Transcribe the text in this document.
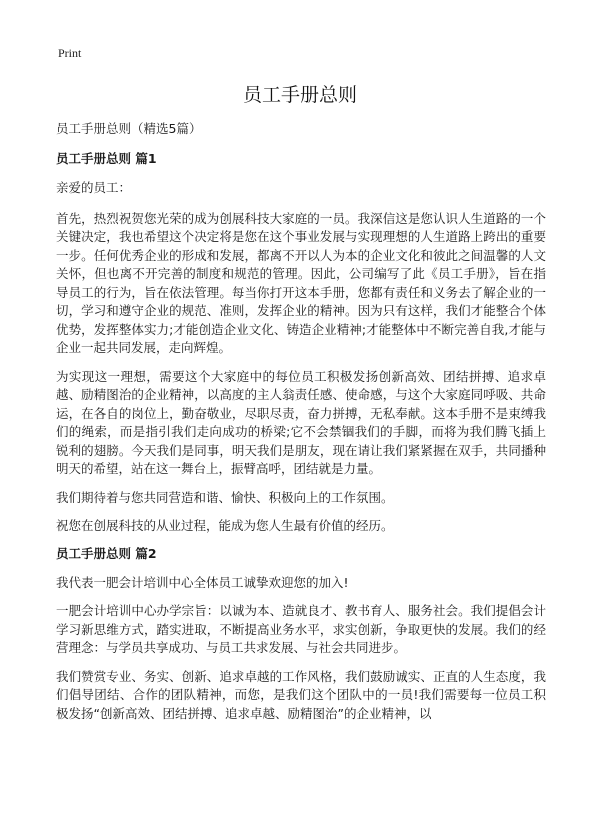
Print
员工手册总则

员工手册总则（精选5篇）

员工手册总则 篇1

亲爱的员工：

首先，热烈祝贺您光荣的成为创展科技大家庭的一员。我深信这是您认识人生道路的一个关键决定，我也希望这个决定将是您在这个事业发展与实现理想的人生道路上跨出的重要一步。任何优秀企业的形成和发展，都离不开以人为本的企业文化和彼此之间温馨的人文关怀，但也离不开完善的制度和规范的管理。因此，公司编写了此《员工手册》，旨在指导员工的行为，旨在依法管理。每当你打开这本手册，您都有责任和义务去了解企业的一切，学习和遵守企业的规范、准则，发挥企业的精神。因为只有这样，我们才能整合个体优势，发挥整体实力;才能创造企业文化、铸造企业精神;才能整体中不断完善自我,才能与企业一起共同发展，走向辉煌。

为实现这一理想，需要这个大家庭中的每位员工积极发扬创新高效、团结拼搏、追求卓越、励精图治的企业精神，以高度的主人翁责任感、使命感，与这个大家庭同呼吸、共命运，在各自的岗位上，勤奋敬业，尽职尽责，奋力拼搏，无私奉献。这本手册不是束缚我们的绳索，而是指引我们走向成功的桥梁;它不会禁锢我们的手脚，而将为我们腾飞插上锐利的翅膀。今天我们是同事，明天我们是朋友，现在请让我们紧紧握在双手，共同播种明天的希望，站在这一舞台上，振臂高呼，团结就是力量。

我们期待着与您共同营造和谐、愉快、积极向上的工作氛围。

祝您在创展科技的从业过程，能成为您人生最有价值的经历。

员工手册总则 篇2

我代表一肥会计培训中心全体员工诚挚欢迎您的加入!

一肥会计培训中心办学宗旨：以诚为本、造就良才、教书育人、服务社会。我们提倡会计学习新思维方式，踏实进取，不断提高业务水平，求实创新，争取更快的发展。我们的经营理念：与学员共享成功、与员工共求发展、与社会共同进步。

我们赞赏专业、务实、创新、追求卓越的工作风格，我们鼓励诚实、正直的人生态度，我们倡导团结、合作的团队精神，而您，是我们这个团队中的一员!我们需要每一位员工积极发扬“创新高效、团结拼搏、追求卓越、励精图治”的企业精神，以
